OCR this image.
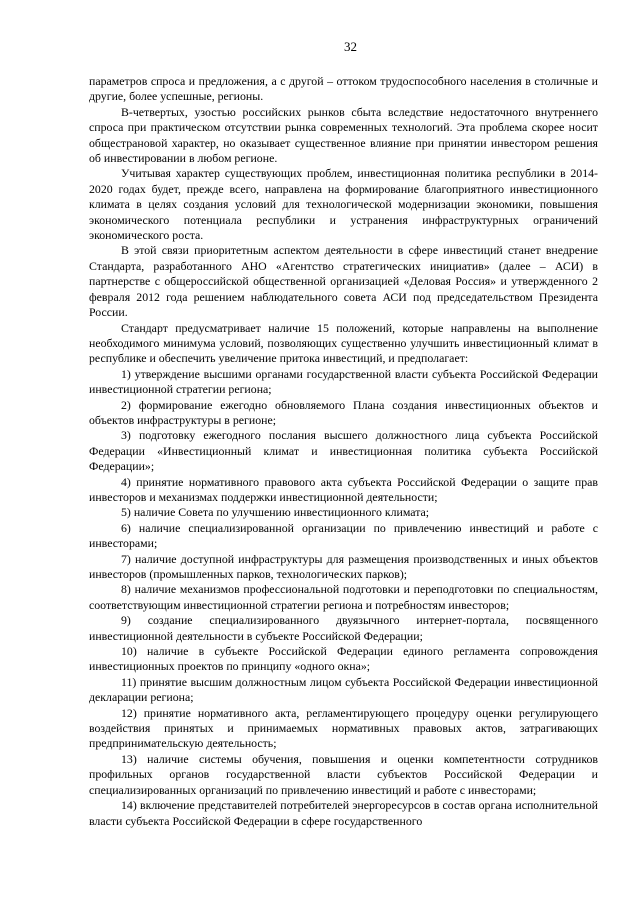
32

параметров спроса и предложения, а с другой – оттоком трудоспособного населения в столичные и другие, более успешные, регионы.

В-четвертых, узостью российских рынков сбыта вследствие недостаточного внутреннего спроса при практическом отсутствии рынка современных технологий. Эта проблема скорее носит общестрановой характер, но оказывает существенное влияние при принятии инвестором решения об инвестировании в любом регионе.

Учитывая характер существующих проблем, инвестиционная политика республики в 2014-2020 годах будет, прежде всего, направлена на формирование благоприятного инвестиционного климата в целях создания условий для технологической модернизации экономики, повышения экономического потенциала республики и устранения инфраструктурных ограничений экономического роста.

В этой связи приоритетным аспектом деятельности в сфере инвестиций станет внедрение Стандарта, разработанного АНО «Агентство стратегических инициатив» (далее – АСИ) в партнерстве с общероссийской общественной организацией «Деловая Россия» и утвержденного 2 февраля 2012 года решением наблюдательного совета АСИ под председательством Президента России.

Стандарт предусматривает наличие 15 положений, которые направлены на выполнение необходимого минимума условий, позволяющих существенно улучшить инвестиционный климат в республике и обеспечить увеличение притока инвестиций, и предполагает:

1) утверждение высшими органами государственной власти субъекта Российской Федерации инвестиционной стратегии региона;

2) формирование ежегодно обновляемого Плана создания инвестиционных объектов и объектов инфраструктуры в регионе;

3) подготовку ежегодного послания высшего должностного лица субъекта Российской Федерации «Инвестиционный климат и инвестиционная политика субъекта Российской Федерации»;

4) принятие нормативного правового акта субъекта Российской Федерации о защите прав инвесторов и механизмах поддержки инвестиционной деятельности;

5) наличие Совета по улучшению инвестиционного климата;

6) наличие специализированной организации по привлечению инвестиций и работе с инвесторами;

7) наличие доступной инфраструктуры для размещения производственных и иных объектов инвесторов (промышленных парков, технологических парков);

8) наличие механизмов профессиональной подготовки и переподготовки по специальностям, соответствующим инвестиционной стратегии региона и потребностям инвесторов;

9) создание специализированного двуязычного интернет-портала, посвященного инвестиционной деятельности в субъекте Российской Федерации;

10) наличие в субъекте Российской Федерации единого регламента сопровождения инвестиционных проектов по принципу «одного окна»;

11) принятие высшим должностным лицом субъекта Российской Федерации инвестиционной декларации региона;

12) принятие нормативного акта, регламентирующего процедуру оценки регулирующего воздействия принятых и принимаемых нормативных правовых актов, затрагивающих предпринимательскую деятельность;

13) наличие системы обучения, повышения и оценки компетентности сотрудников профильных органов государственной власти субъектов Российской Федерации и специализированных организаций по привлечению инвестиций и работе с инвесторами;

14) включение представителей потребителей энергоресурсов в состав органа исполнительной власти субъекта Российской Федерации в сфере государственного
